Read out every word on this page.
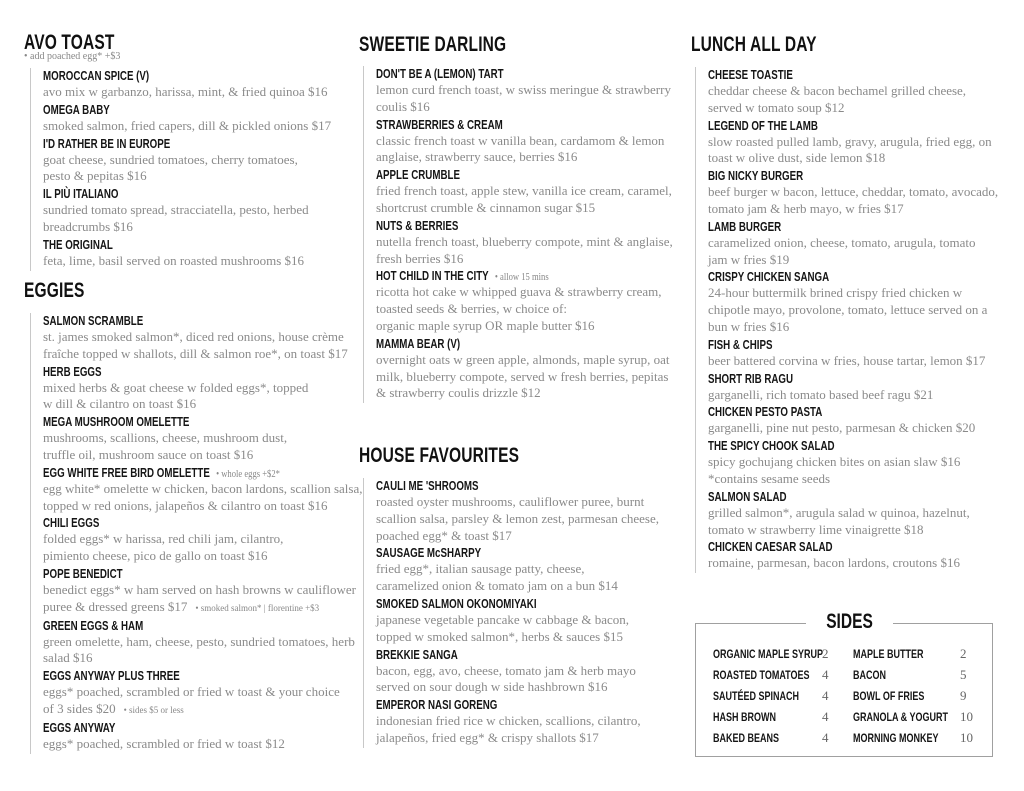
AVO TOAST
• add poached egg* +$3
MOROCCAN SPICE (V)
avo mix w garbanzo, harissa, mint, & fried quinoa $16
OMEGA BABY
smoked salmon, fried capers, dill & pickled onions $17
I'D RATHER BE IN EUROPE
goat cheese, sundried tomatoes, cherry tomatoes,
pesto & pepitas $16
IL PIÙ ITALIANO
sundried tomato spread, stracciatella, pesto, herbed
breadcrumbs $16
THE ORIGINAL
feta, lime, basil served on roasted mushrooms $16
EGGIES
SALMON SCRAMBLE
st. james smoked salmon*, diced red onions, house crème
fraîche topped w shallots, dill & salmon roe*, on toast $17
HERB EGGS
mixed herbs & goat cheese w folded eggs*, topped
w dill & cilantro on toast $16
MEGA MUSHROOM OMELETTE
mushrooms, scallions, cheese, mushroom dust,
truffle oil, mushroom sauce on toast $16
EGG WHITE FREE BIRD OMELETTE • whole eggs +$2*
egg white* omelette w chicken, bacon lardons, scallion salsa,
topped w red onions, jalapeños & cilantro on toast $16
CHILI EGGS
folded eggs* w harissa, red chili jam, cilantro,
pimiento cheese, pico de gallo on toast $16
POPE BENEDICT
benedict eggs* w ham served on hash browns w cauliflower
puree & dressed greens $17 • smoked salmon* | florentine +$3
GREEN EGGS & HAM
green omelette, ham, cheese, pesto, sundried tomatoes, herb
salad $16
EGGS ANYWAY PLUS THREE
eggs* poached, scrambled or fried w toast & your choice
of 3 sides $20 • sides $5 or less
EGGS ANYWAY
eggs* poached, scrambled or fried w toast $12
SWEETIE DARLING
DON'T BE A (LEMON) TART
lemon curd french toast, w swiss meringue & strawberry
coulis $16
STRAWBERRIES & CREAM
classic french toast w vanilla bean, cardamom & lemon
anglaise, strawberry sauce, berries $16
APPLE CRUMBLE
fried french toast, apple stew, vanilla ice cream, caramel,
shortcrust crumble & cinnamon sugar $15
NUTS & BERRIES
nutella french toast, blueberry compote, mint & anglaise,
fresh berries $16
HOT CHILD IN THE CITY • allow 15 mins
ricotta hot cake w whipped guava & strawberry cream,
toasted seeds & berries, w choice of:
organic maple syrup OR maple butter $16
MAMMA BEAR (V)
overnight oats w green apple, almonds, maple syrup, oat
milk, blueberry compote, served w fresh berries, pepitas
& strawberry coulis drizzle $12
HOUSE FAVOURITES
CAULI ME 'SHROOMS
roasted oyster mushrooms, cauliflower puree, burnt
scallion salsa, parsley & lemon zest, parmesan cheese,
poached egg* & toast $17
SAUSAGE McSHARPY
fried egg*, italian sausage patty, cheese,
caramelized onion & tomato jam on a bun $14
SMOKED SALMON OKONOMIYAKI
japanese vegetable pancake w cabbage & bacon,
topped w smoked salmon*, herbs & sauces $15
BREKKIE SANGA
bacon, egg, avo, cheese, tomato jam & herb mayo
served on sour dough w side hashbrown $16
EMPEROR NASI GORENG
indonesian fried rice w chicken, scallions, cilantro,
jalapeños, fried egg* & crispy shallots $17
LUNCH ALL DAY
CHEESE TOASTIE
cheddar cheese & bacon bechamel grilled cheese,
served w tomato soup $12
LEGEND OF THE LAMB
slow roasted pulled lamb, gravy, arugula, fried egg, on
toast w olive dust, side lemon $18
BIG NICKY BURGER
beef burger w bacon, lettuce, cheddar, tomato, avocado,
tomato jam & herb mayo, w fries $17
LAMB BURGER
caramelized onion, cheese, tomato, arugula, tomato
jam w fries $19
CRISPY CHICKEN SANGA
24-hour buttermilk brined crispy fried chicken w
chipotle mayo, provolone, tomato, lettuce served on a
bun w fries $16
FISH & CHIPS
beer battered corvina w fries, house tartar, lemon $17
SHORT RIB RAGU
garganelli, rich tomato based beef ragu $21
CHICKEN PESTO PASTA
garganelli, pine nut pesto, parmesan & chicken $20
THE SPICY CHOOK SALAD
spicy gochujang chicken bites on asian slaw $16
*contains sesame seeds
SALMON SALAD
grilled salmon*, arugula salad w quinoa, hazelnut,
tomato w strawberry lime vinaigrette $18
CHICKEN CAESAR SALAD
romaine, parmesan, bacon lardons, croutons $16
SIDES
ORGANIC MAPLE SYRUP
2
ROASTED TOMATOES 4
SAUTÉED SPINACH 4
HASH BROWN	4
BAKED BEANS	4
MAPLE BUTTER	2
BACON	5
BOWL OF FRIES	9
GRANOLA & YOGURT 10
MORNING MONKEY 10
